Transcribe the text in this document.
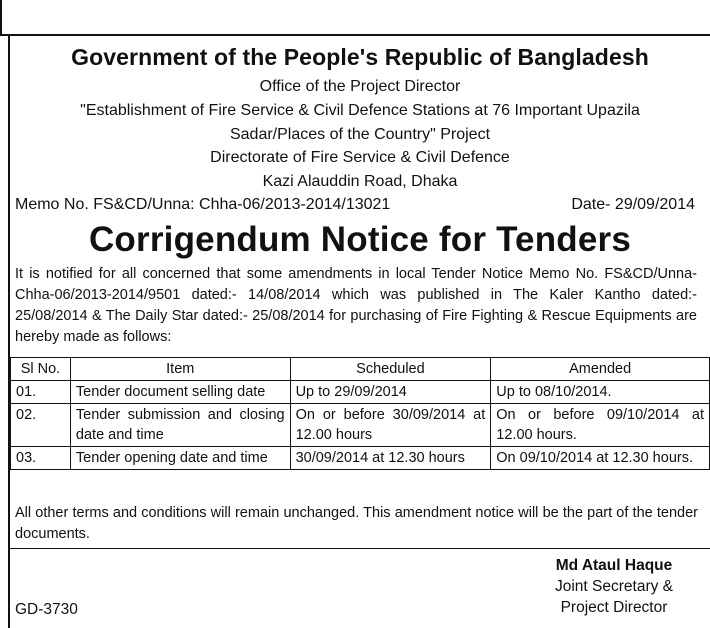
Government of the People's Republic of Bangladesh
Office of the Project Director
"Establishment of Fire Service & Civil Defence Stations at 76 Important Upazila
Sadar/Places of the Country" Project
Directorate of Fire Service & Civil Defence
Kazi Alauddin Road, Dhaka
Memo No. FS&CD/Unna: Chha-06/2013-2014/13021	Date- 29/09/2014
Corrigendum Notice for Tenders
It is notified for all concerned that some amendments in local Tender Notice Memo No. FS&CD/Unna-Chha-06/2013-2014/9501 dated:- 14/08/2014 which was published in The Kaler Kantho dated:- 25/08/2014 & The Daily Star dated:- 25/08/2014 for purchasing of Fire Fighting & Rescue Equipments are hereby made as follows:
Sl No.	Item	Scheduled	Amended
01.	Tender document selling date	Up to 29/09/2014	Up to 08/10/2014.
02.	Tender submission and closing date and time	On or before 30/09/2014 at 12.00 hours	On or before 09/10/2014 at 12.00 hours.
03.	Tender opening date and time	30/09/2014 at 12.30 hours	On 09/10/2014 at 12.30 hours.
All other terms and conditions will remain unchanged. This amendment notice will be the part of the tender documents.
Md Ataul Haque
Joint Secretary &
Project Director
GD-3730
